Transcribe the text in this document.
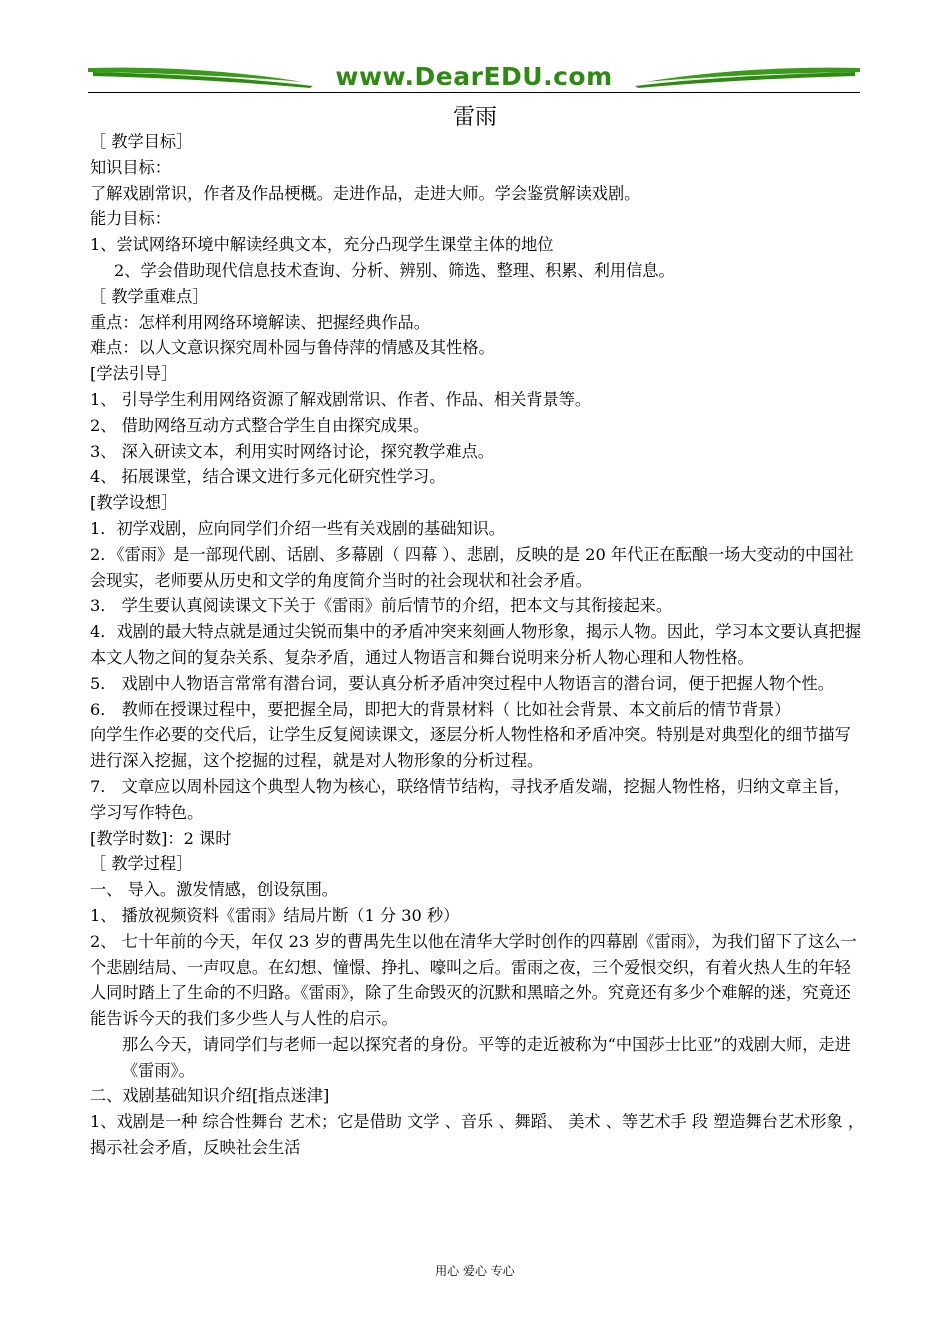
www.DearEDU.com
雷雨

［ 教学目标］

知识目标：

了解戏剧常识，作者及作品梗概。走进作品，走进大师。学会鉴赏解读戏剧。

能力目标：

1、尝试网络环境中解读经典文本，充分凸现学生课堂主体的地位

2、学会借助现代信息技术查询、分析、辨别、筛选、整理、积累、利用信息。

［ 教学重难点］

重点：怎样利用网络环境解读、把握经典作品。

难点：以人文意识探究周朴园与鲁侍萍的情感及其性格。

[学法引导］

1、 引导学生利用网络资源了解戏剧常识、作者、作品、相关背景等。

2、 借助网络互动方式整合学生自由探究成果。

3、 深入研读文本，利用实时网络讨论，探究教学难点。

4、 拓展课堂，结合课文进行多元化研究性学习。

[教学设想］

1．初学戏剧，应向同学们介绍一些有关戏剧的基础知识。

2．《雷雨》是一部现代剧、话剧、多幕剧（ 四幕 ）、悲剧，反映的是 20 年代正在酝酿一场大变动的中国社会现实，老师要从历史和文学的角度简介当时的社会现状和社会矛盾。

3． 学生要认真阅读课文下关于《雷雨》前后情节的介绍，把本文与其衔接起来。

4．戏剧的最大特点就是通过尖锐而集中的矛盾冲突来刻画人物形象，揭示人物。因此，学习本文要认真把握本文人物之间的复杂关系、复杂矛盾，通过人物语言和舞台说明来分析人物心理和人物性格。

5． 戏剧中人物语言常常有潜台词，要认真分析矛盾冲突过程中人物语言的潜台词，便于把握人物个性。

6． 教师在授课过程中，要把握全局，即把大的背景材料（ 比如社会背景、本文前后的情节背景）

向学生作必要的交代后，让学生反复阅读课文，逐层分析人物性格和矛盾冲突。特别是对典型化的细节描写进行深入挖掘，这个挖掘的过程，就是对人物形象的分析过程。

7． 文章应以周朴园这个典型人物为核心，联络情节结构，寻找矛盾发端，挖掘人物性格，归纳文章主旨，学习写作特色。

[教学时数]：2 课时

［ 教学过程］

一、 导入。激发情感，创设氛围。

1、 播放视频资料《雷雨》结局片断（1 分 30 秒）

2、 七十年前的今天，年仅 23 岁的曹禺先生以他在清华大学时创作的四幕剧《雷雨》，为我们留下了这么一个悲剧结局、一声叹息。在幻想、憧憬、挣扎、嚎叫之后。雷雨之夜，三个爱恨交织，有着火热人生的年轻人同时踏上了生命的不归路。《雷雨》，除了生命毁灭的沉默和黑暗之外。究竟还有多少个难解的迷，究竟还能告诉今天的我们多少些人与人性的启示。

那么今天，请同学们与老师一起以探究者的身份。平等的走近被称为“中国莎士比亚”的戏剧大师，走进《雷雨》。

二、戏剧基础知识介绍[指点迷津]

1、戏剧是一种 综合性舞台 艺术；它是借助 文学 、音乐 、舞蹈、 美术 、等艺术手 段 塑造舞台艺术形象 ， 揭示社会矛盾，反映社会生活

用心 爱心 专心
